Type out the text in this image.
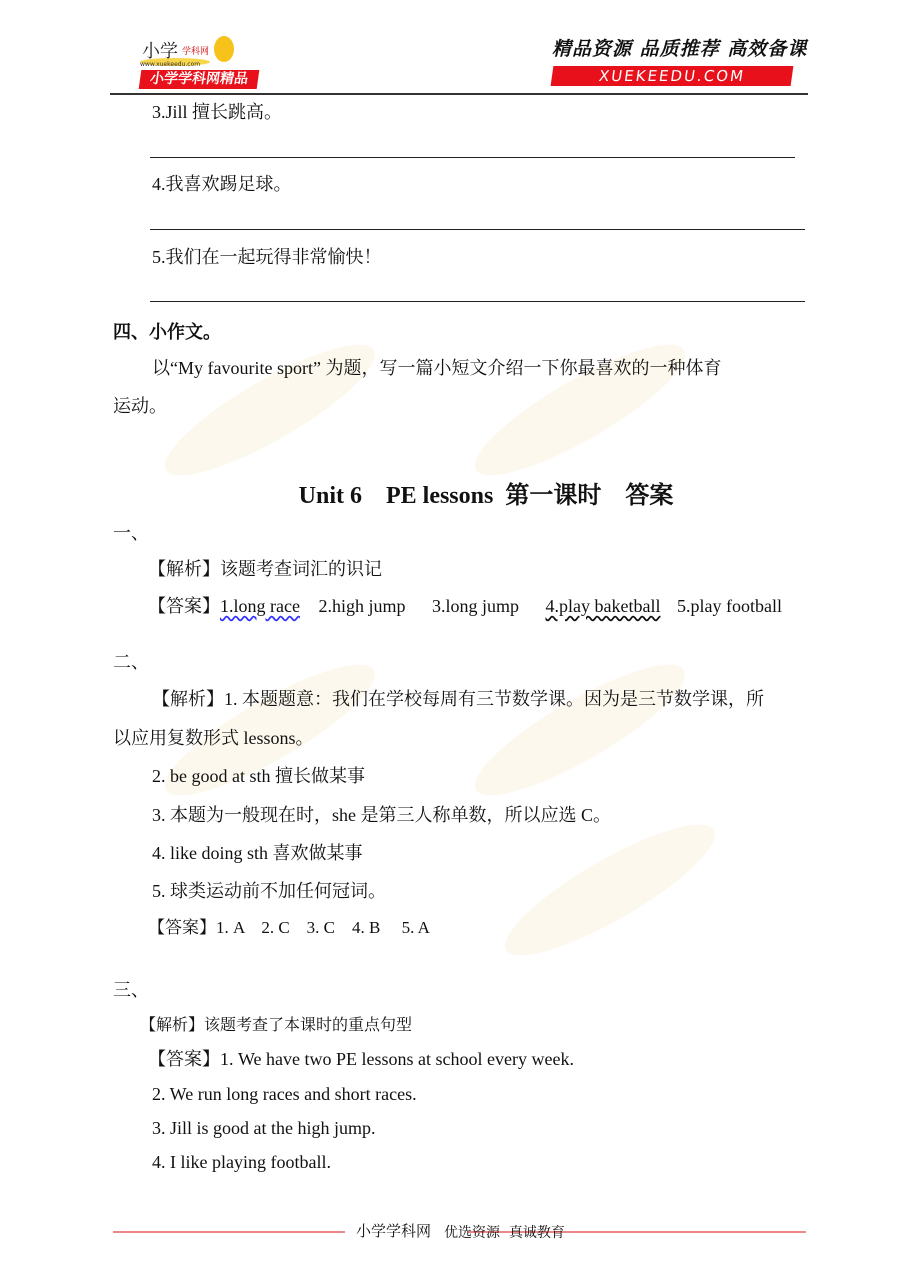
小学 学科网
www.xuekeedu.com
小学学科网精品
精品资源 品质推荐 高效备课
XUEKEEDU.COM
3.Jill 擅长跳高。
4.我喜欢踢足球。
5.我们在一起玩得非常愉快！
四、小作文。
以“My favourite sport” 为题，写一篇小短文介绍一下你最喜欢的一种体育
运动。
Unit 6　PE lessons  第一课时　答案
一、
【解析】该题考查词汇的识记
【答案】1.long race 2.high jump 3.long jump 4.play baketball 5.play football
二、
【解析】1. 本题题意：我们在学校每周有三节数学课。因为是三节数学课，所
以应用复数形式 lessons。
2. be good at sth 擅长做某事
3. 本题为一般现在时，she 是第三人称单数，所以应选 C。
4. like doing sth 喜欢做某事
5. 球类运动前不加任何冠词。
【答案】1. A　2. C　3. C　4. B　 5. A
三、
【解析】该题考查了本课时的重点句型
【答案】1. We have two PE lessons at school every week.
2. We run long races and short races.
3. Jill is good at the high jump.
4. I like playing football.
小学学科网 优选资源  真诚教育
